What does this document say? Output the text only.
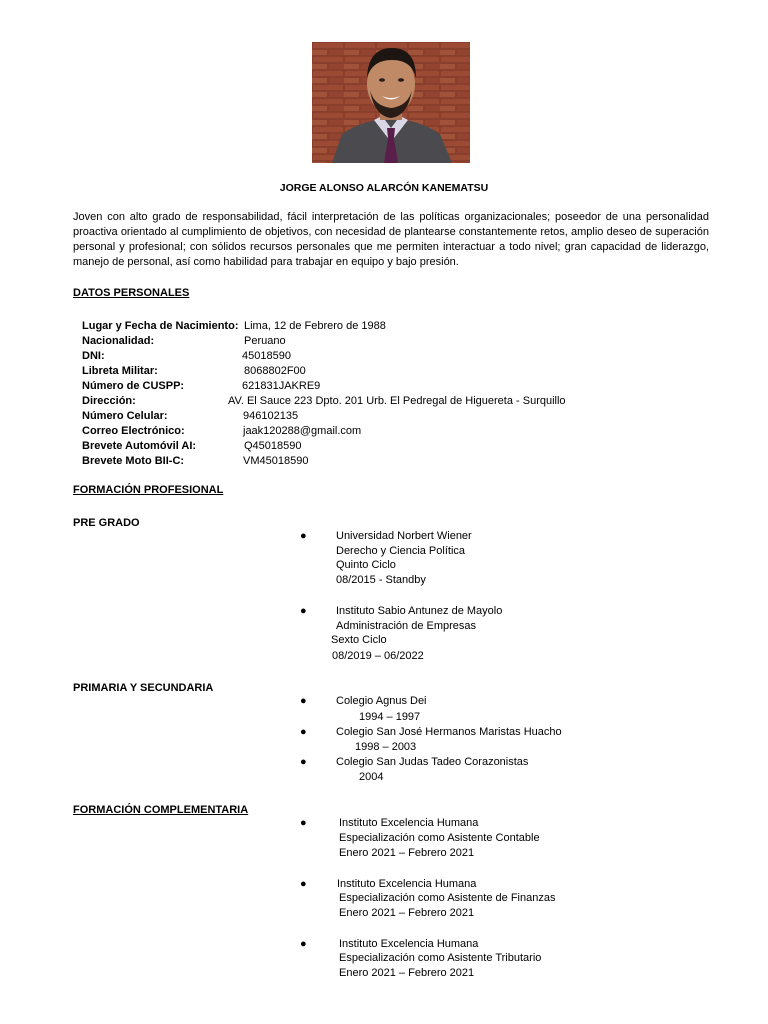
JORGE ALONSO ALARCÓN KANEMATSU
Joven con alto grado de responsabilidad, fácil interpretación de las políticas organizacionales; poseedor de una personalidad proactiva orientado al cumplimiento de objetivos, con necesidad de plantearse constantemente retos, amplio deseo de superación personal y profesional; con sólidos recursos personales que me permiten interactuar a todo nivel; gran capacidad de liderazgo, manejo de personal, así como habilidad para trabajar en equipo y bajo presión.
DATOS PERSONALES
Lugar y Fecha de Nacimiento: Lima, 12 de Febrero de 1988
Nacionalidad:	Peruano
DNI:	45018590
Libreta Militar:	8068802F00
Número de CUSPP:	621831JAKRE9
Dirección:	AV. El Sauce 223 Dpto. 201 Urb. El Pedregal de Higuereta - Surquillo
Número Celular:	946102135
Correo Electrónico:	jaak120288@gmail.com
Brevete Automóvil AI:	Q45018590
Brevete Moto BII-C:	VM45018590
FORMACIÓN PROFESIONAL
PRE GRADO
●	Universidad Norbert Wiener
Derecho y Ciencia Política
Quinto Ciclo
08/2015 - Standby
●	Instituto Sabio Antunez de Mayolo
Administración de Empresas
Sexto Ciclo
08/2019 – 06/2022
PRIMARIA Y SECUNDARIA
●	Colegio Agnus Dei
1994 – 1997
●	Colegio San José Hermanos Maristas Huacho
1998 – 2003
●	Colegio San Judas Tadeo Corazonistas
2004
FORMACIÓN COMPLEMENTARIA
●	Instituto Excelencia Humana
Especialización como Asistente Contable
Enero 2021 – Febrero 2021
●	Instituto Excelencia Humana
Especialización como Asistente de Finanzas
Enero 2021 – Febrero 2021
●	Instituto Excelencia Humana
Especialización como Asistente Tributario
Enero 2021 – Febrero 2021
